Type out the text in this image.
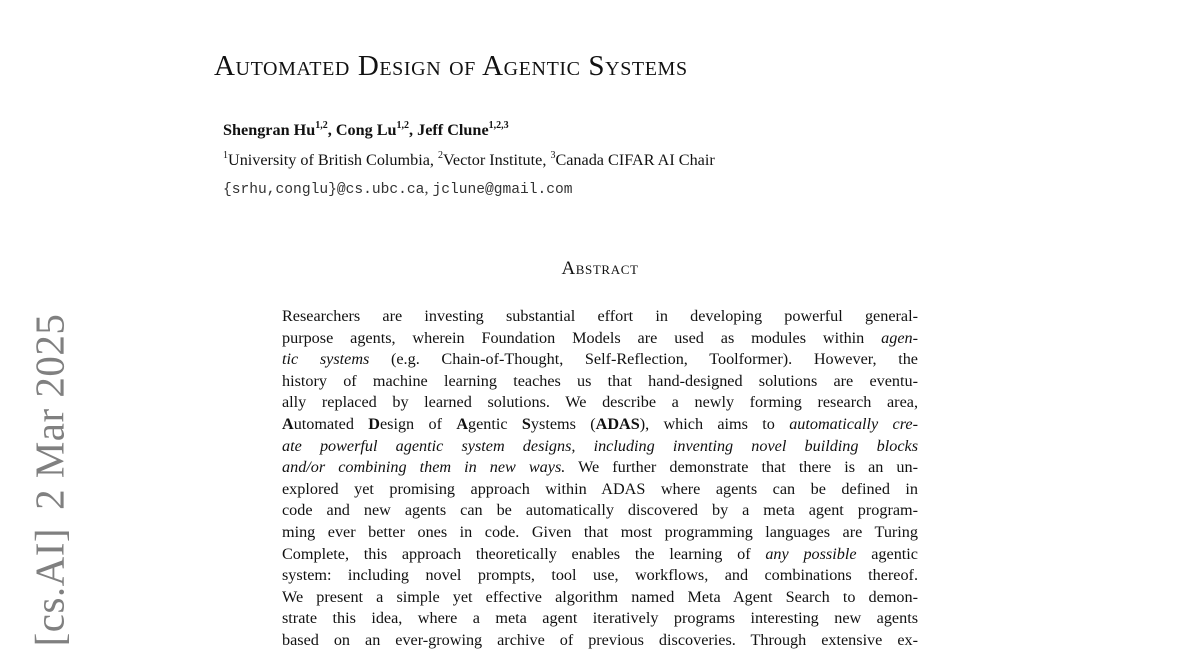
[cs.AI]2 Mar 2025
Automated Design of Agentic Systems
Shengran Hu$^{1,2}$, Cong Lu$^{1,2}$, Jeff Clune$^{1,2,3}$
$^1$University of British Columbia, $^2$Vector Institute, $^3$Canada CIFAR AI Chair
{srhu,conglu}@cs.ubc.ca, jclune@gmail.com
Abstract
Researchers are investing substantial effort in developing powerful general-
purpose agents, wherein Foundation Models are used as modules within agen-
tic systems (e.g. Chain-of-Thought, Self-Reflection, Toolformer). However, the
history of machine learning teaches us that hand-designed solutions are eventu-
ally replaced by learned solutions. We describe a newly forming research area,
Automated Design of Agentic Systems (ADAS), which aims to automatically cre-
ate powerful agentic system designs, including inventing novel building blocks
and/or combining them in new ways. We further demonstrate that there is an un-
explored yet promising approach within ADAS where agents can be defined in
code and new agents can be automatically discovered by a meta agent program-
ming ever better ones in code. Given that most programming languages are Turing
Complete, this approach theoretically enables the learning of any possible agentic
system: including novel prompts, tool use, workflows, and combinations thereof.
We present a simple yet effective algorithm named Meta Agent Search to demon-
strate this idea, where a meta agent iteratively programs interesting new agents
based on an ever-growing archive of previous discoveries. Through extensive ex-
